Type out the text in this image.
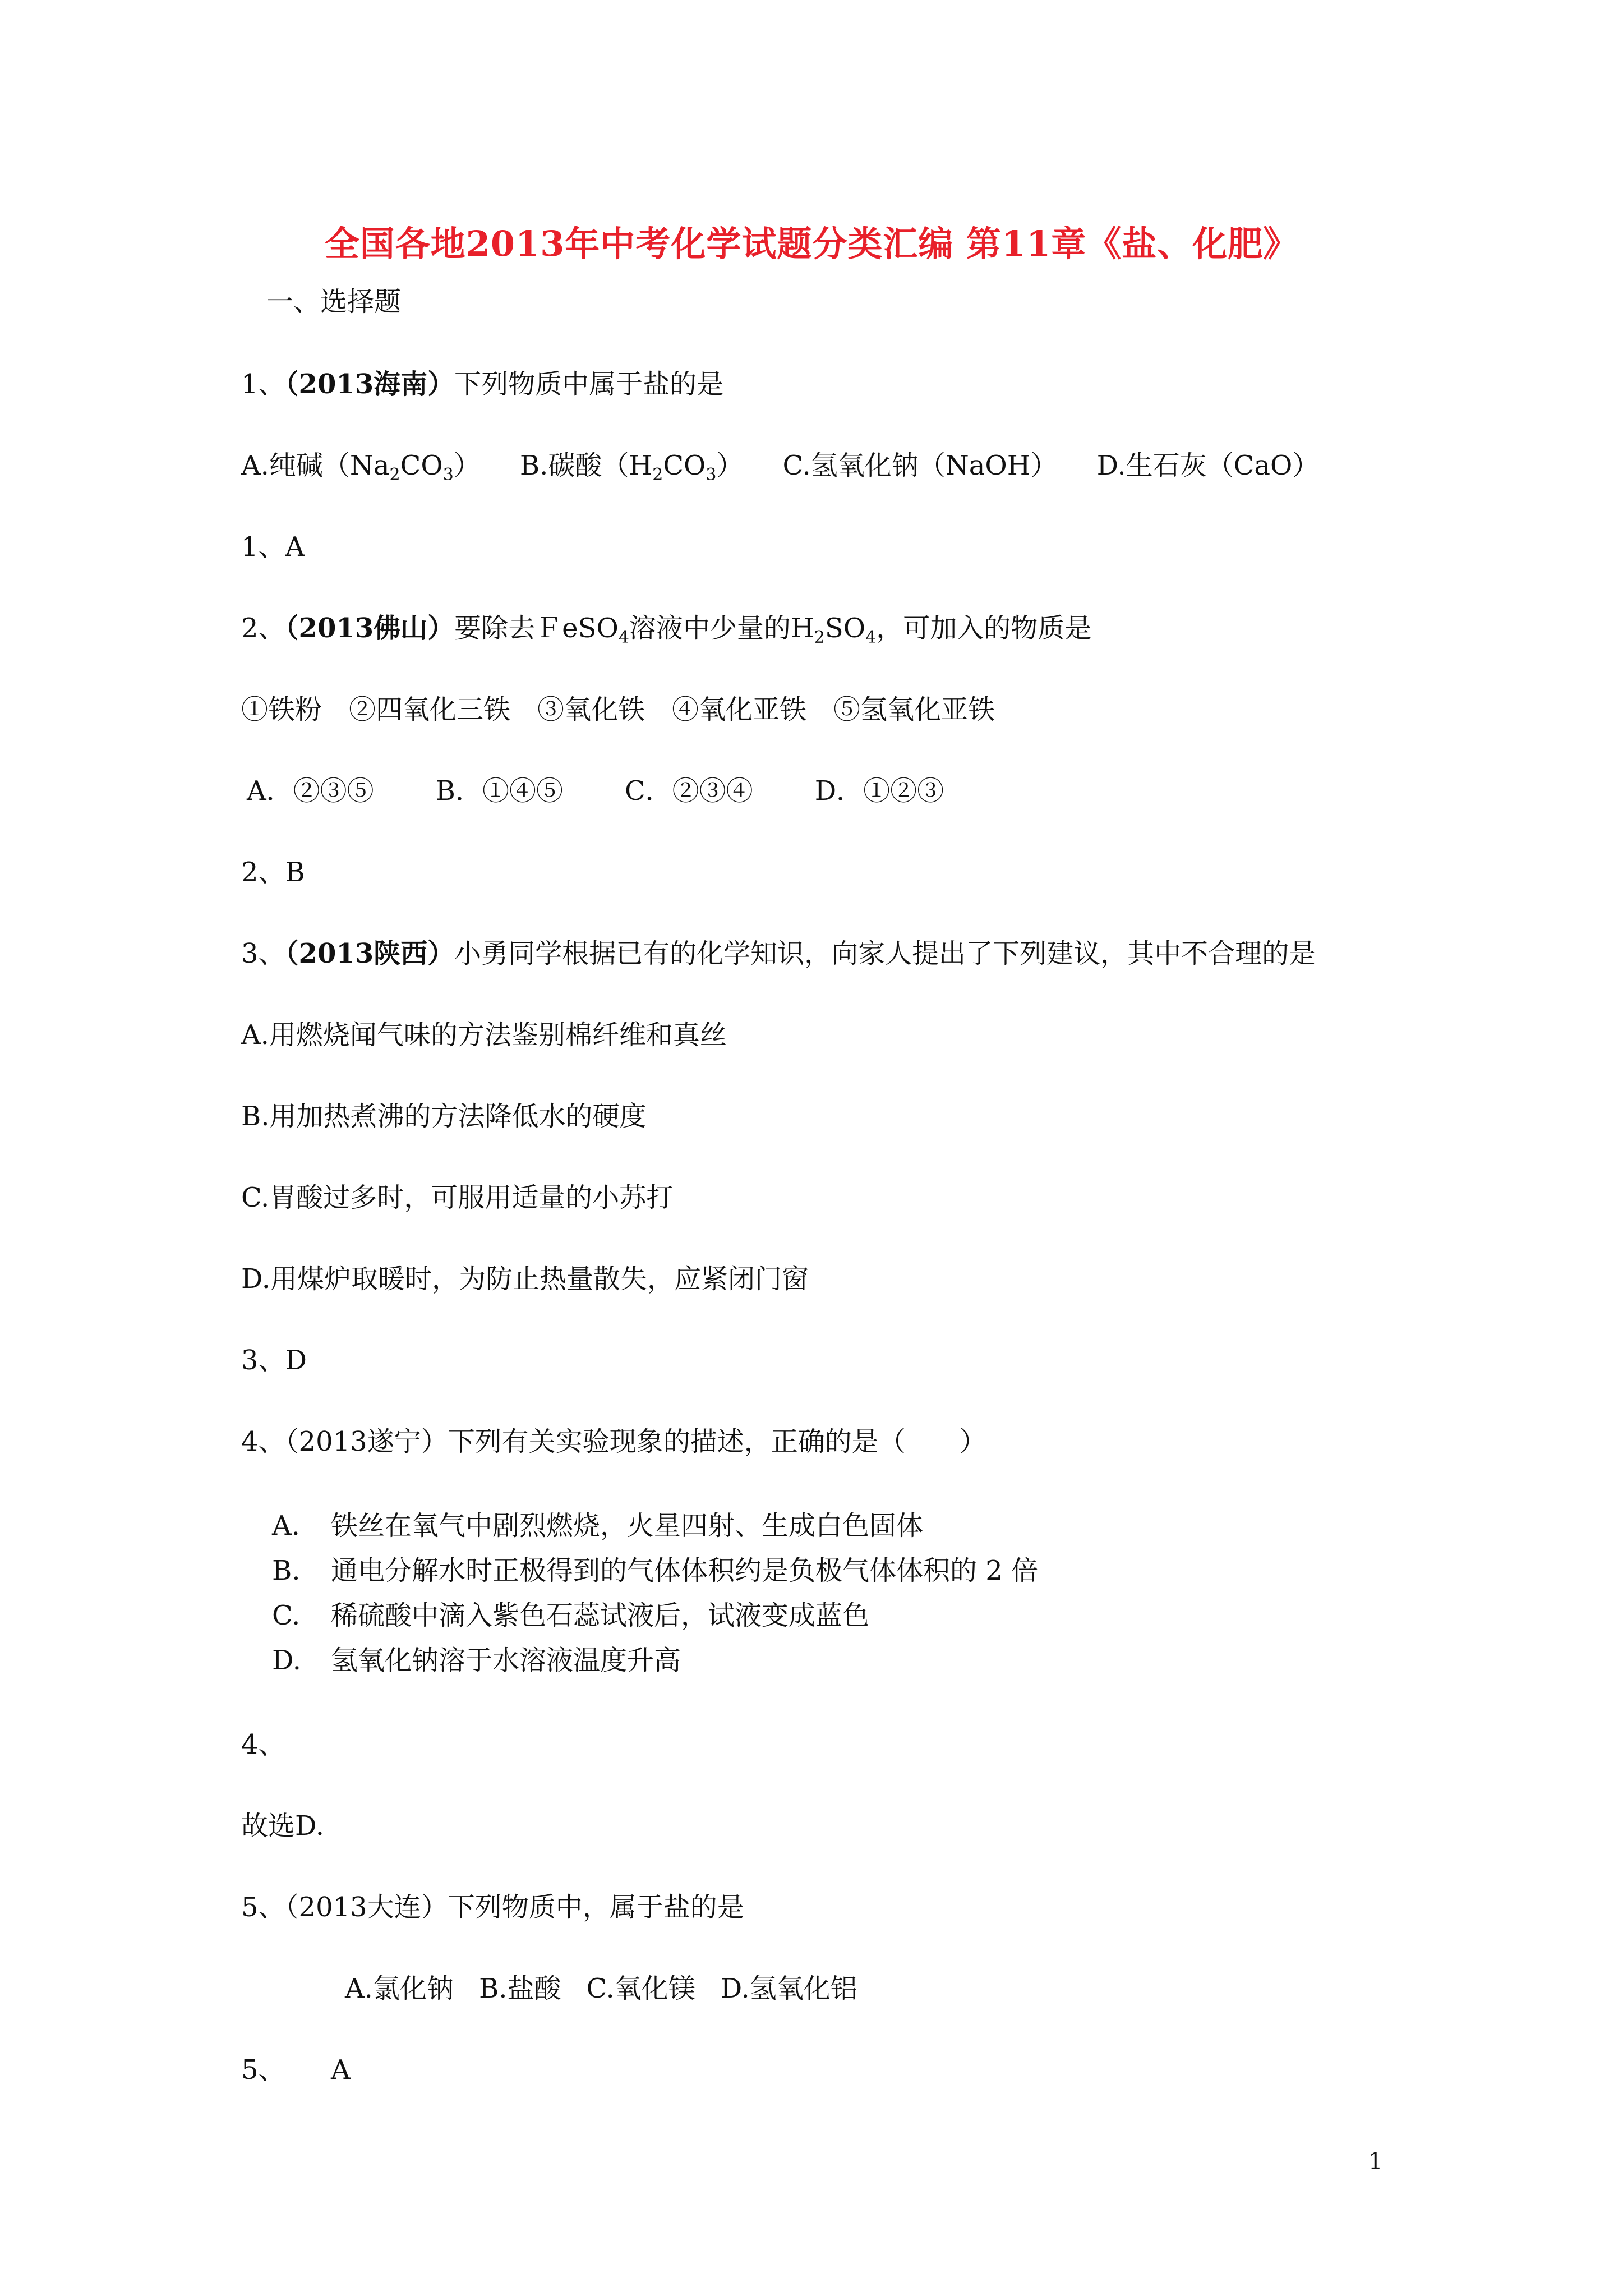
全国各地2013年中考化学试题分类汇编 第11章《盐、化肥》
一、选择题
1、（2013海南）下列物质中属于盐的是
A.纯碱$(Na_2CO_3)$ B.碳酸$(H_2CO_3)$ C.氢氧化钠（NaOH） D.生石灰（CaO）
1、A
2、（2013佛山）要除去ＦeSO$_4$溶液中少量的$H_2SO_4$，可加入的物质是
①铁粉　②四氧化三铁　③氧化铁　④氧化亚铁　⑤氢氧化亚铁
A．②③⑤ B．①④⑤ C．②③④ D．①②③
2、B
3、（2013陕西）小勇同学根据已有的化学知识，向家人提出了下列建议，其中不合理的是
A.用燃烧闻气味的方法鉴别棉纤维和真丝
B.用加热煮沸的方法降低水的硬度
C.胃酸过多时，可服用适量的小苏打
D.用煤炉取暖时，为防止热量散失，应紧闭门窗
3、D
4、（2013遂宁）下列有关实验现象的描述，正确的是（　　）
A. 铁丝在氧气中剧烈燃烧，火星四射、生成白色固体
B. 通电分解水时正极得到的气体体积约是负极气体体积的 2 倍
C. 稀硫酸中滴入紫色石蕊试液后，试液变成蓝色
D. 氢氧化钠溶于水溶液温度升高
4、
故选D.
5、（2013大连）下列物质中，属于盐的是
A.氯化钠 B.盐酸 C.氧化镁 D.氢氧化铝
5、 A
1
